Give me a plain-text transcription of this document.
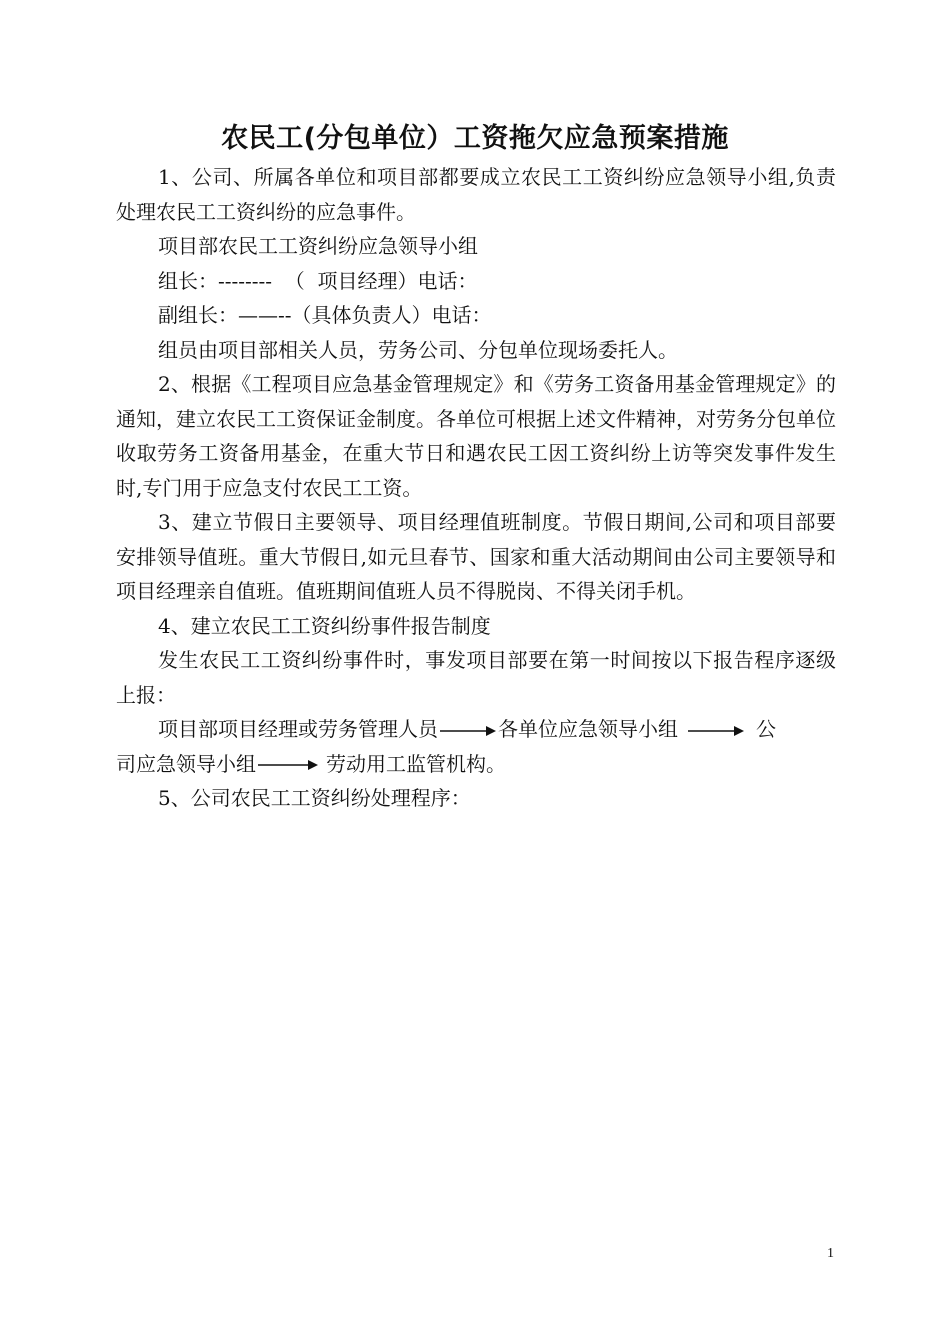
农民工(分包单位）工资拖欠应急预案措施

1、公司、所属各单位和项目部都要成立农民工工资纠纷应急领导小组,负责处理农民工工资纠纷的应急事件。

项目部农民工工资纠纷应急领导小组

组长：--------  （  项目经理）电话：

副组长：——--（具体负责人）电话：

组员由项目部相关人员，劳务公司、分包单位现场委托人。

2、根据《工程项目应急基金管理规定》和《劳务工资备用基金管理规定》的通知，建立农民工工资保证金制度。各单位可根据上述文件精神，对劳务分包单位收取劳务工资备用基金，在重大节日和遇农民工因工资纠纷上访等突发事件发生时,专门用于应急支付农民工工资。

3、建立节假日主要领导、项目经理值班制度。节假日期间,公司和项目部要安排领导值班。重大节假日,如元旦春节、国家和重大活动期间由公司主要领导和项目经理亲自值班。值班期间值班人员不得脱岗、不得关闭手机。

4、建立农民工工资纠纷事件报告制度

发生农民工工资纠纷事件时，事发项目部要在第一时间按以下报告程序逐级上报：

项目部项目经理或劳务管理人员	各单位应急领导小组	公
司应急领导小组	劳动用工监管机构。

5、公司农民工工资纠纷处理程序：

1
